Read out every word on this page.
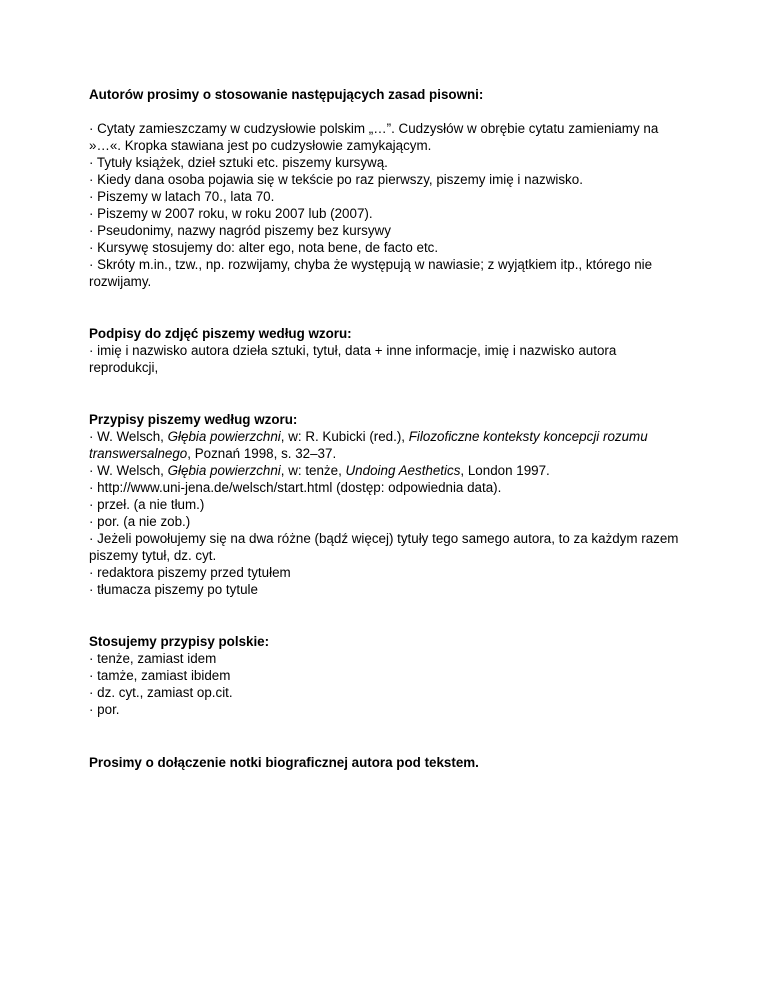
Autorów prosimy o stosowanie następujących zasad pisowni:

· Cytaty zamieszczamy w cudzysłowie polskim „…”. Cudzysłów w obrębie cytatu zamieniamy na »…«. Kropka stawiana jest po cudzysłowie zamykającym.

· Tytuły książek, dzieł sztuki etc. piszemy kursywą.

· Kiedy dana osoba pojawia się w tekście po raz pierwszy, piszemy imię i nazwisko.

· Piszemy w latach 70., lata 70.

· Piszemy w 2007 roku, w roku 2007 lub (2007).

· Pseudonimy, nazwy nagród piszemy bez kursywy

· Kursywę stosujemy do: alter ego, nota bene, de facto etc.

· Skróty m.in., tzw., np. rozwijamy, chyba że występują w nawiasie; z wyjątkiem itp., którego nie rozwijamy.

Podpisy do zdjęć piszemy według wzoru:

· imię i nazwisko autora dzieła sztuki, tytuł, data + inne informacje, imię i nazwisko autora reprodukcji,

Przypisy piszemy według wzoru:

· W. Welsch, Głębia powierzchni, w: R. Kubicki (red.), Filozoficzne konteksty koncepcji rozumu transwersalnego, Poznań 1998, s. 32–37.

· W. Welsch, Głębia powierzchni, w: tenże, Undoing Aesthetics, London 1997.

· http://www.uni-jena.de/welsch/start.html (dostęp: odpowiednia data).

· przeł. (a nie tłum.)

· por. (a nie zob.)

· Jeżeli powołujemy się na dwa różne (bądź więcej) tytuły tego samego autora, to za każdym razem piszemy tytuł, dz. cyt.

· redaktora piszemy przed tytułem

· tłumacza piszemy po tytule

Stosujemy przypisy polskie:

· tenże, zamiast idem

· tamże, zamiast ibidem

· dz. cyt., zamiast op.cit.

· por.

Prosimy o dołączenie notki biograficznej autora pod tekstem.
